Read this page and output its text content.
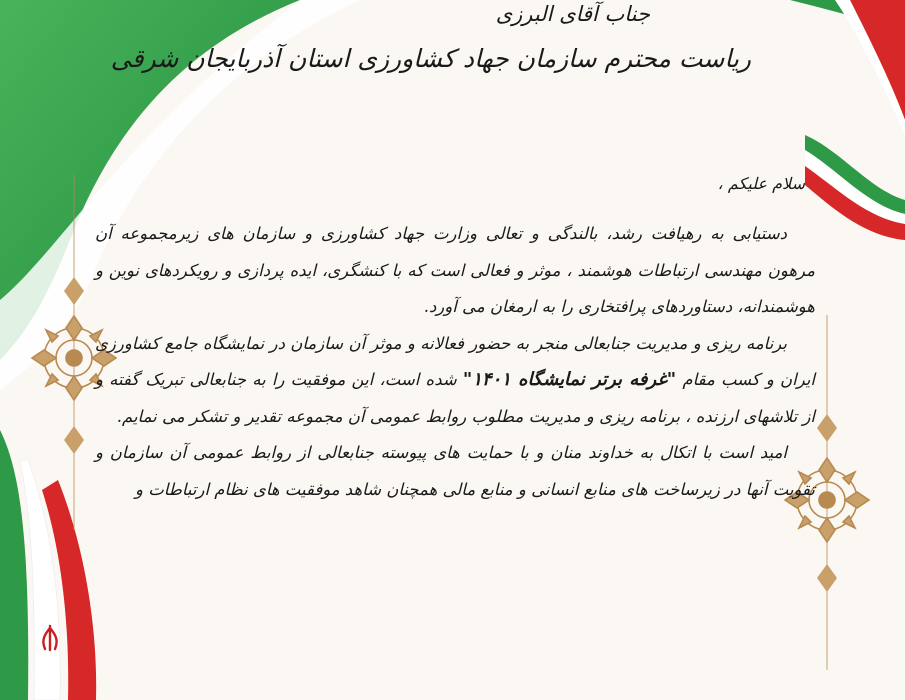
جناب آقای البرزی

ریاست محترم سازمان جهاد کشاورزی استان آذربایجان شرقی

سلام علیکم ،

دستیابی به رهیافت رشد، بالندگی و تعالی وزارت جهاد کشاورزی و سازمان های زیرمجموعه آن مرهون مهندسی ارتباطات هوشمند ، موثر و فعالی است که با کنشگری، ایده پردازی و رویکردهای نوین و هوشمندانه، دستاوردهای پرافتخاری را به ارمغان می آورد.

برنامه ریزی و مدیریت جنابعالی منجر به حضور فعالانه و موثر آن سازمان در نمایشگاه جامع کشاورزی ایران و کسب مقام "غرفه برتر نمایشگاه ۱۴۰۱" شده است، این موفقیت را به جنابعالی تبریک گفته و از تلاشهای ارزنده ، برنامه ریزی و مدیریت مطلوب روابط عمومی آن مجموعه تقدیر و تشکر می نمایم.

امید است با اتکال به خداوند منان و با حمایت های پیوسته جنابعالی از روابط عمومی آن سازمان و تقویت آنها در زیرساخت های منابع انسانی و منابع مالی همچنان شاهد موفقیت های نظام ارتباطات و
